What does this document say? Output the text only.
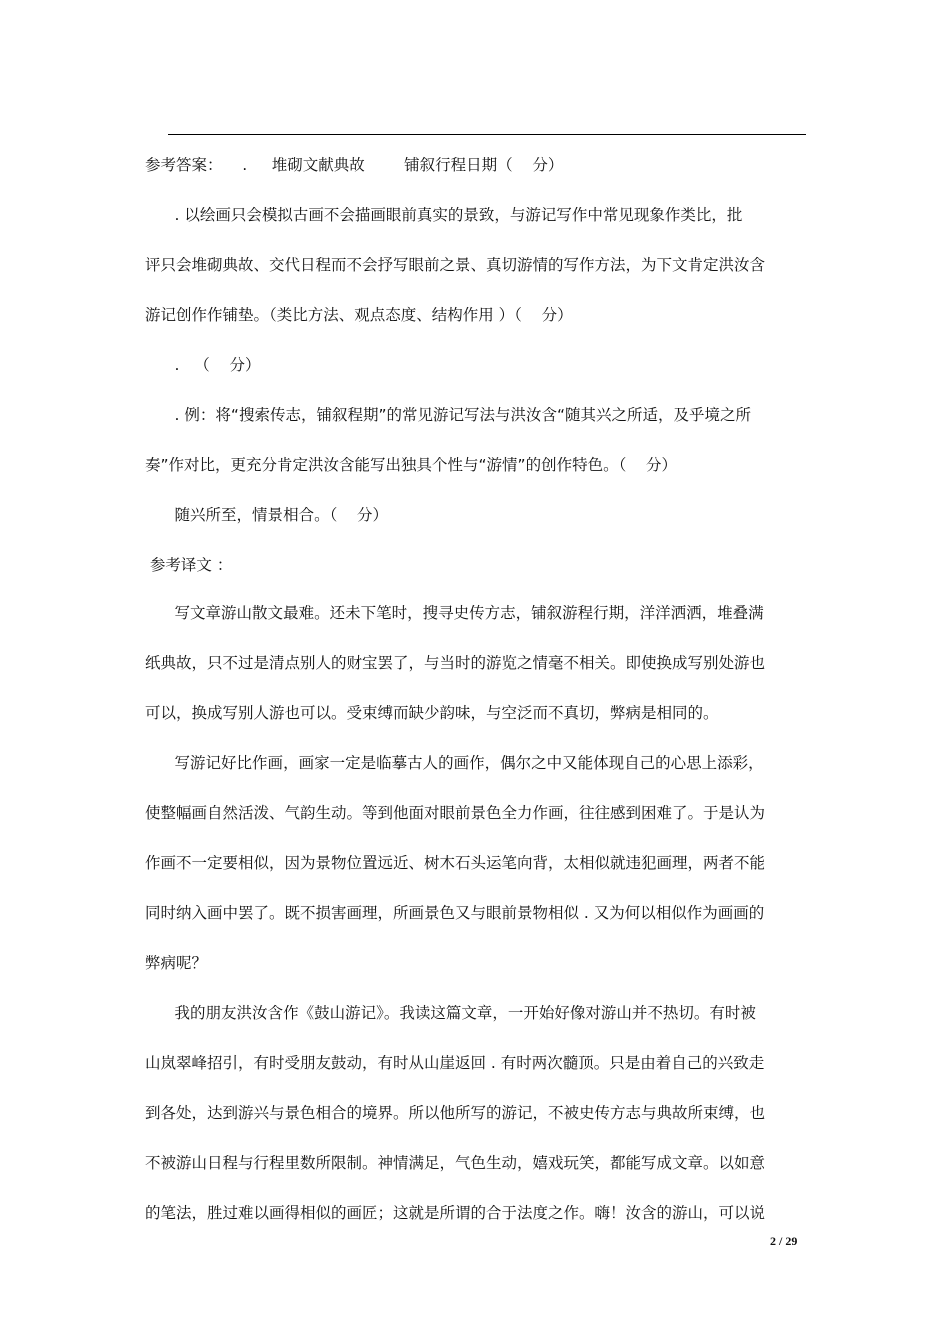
参考答案：    .     堆砌文献典故        铺叙行程日期（    分）
. 以绘画只会模拟古画不会描画眼前真实的景致，与游记写作中常见现象作类比，批
评只会堆砌典故、交代日程而不会抒写眼前之景、真切游情的写作方法，为下文肯定洪汝含
游记创作作铺垫。（类比方法、观点态度、结构作用 ）（    分）
.   （    分）
. 例：将“搜索传志，铺叙程期”的常见游记写法与洪汝含“随其兴之所适，及乎境之所
奏”作对比，更充分肯定洪汝含能写出独具个性与“游情”的创作特色。（    分）
随兴所至，情景相合。（    分）
参考译文 ：
写文章游山散文最难。还未下笔时，搜寻史传方志，铺叙游程行期，洋洋洒洒，堆叠满
纸典故，只不过是清点别人的财宝罢了，与当时的游览之情毫不相关。即使换成写别处游也
可以，换成写别人游也可以。受束缚而缺少韵味，与空泛而不真切，弊病是相同的。
写游记好比作画，画家一定是临摹古人的画作，偶尔之中又能体现自己的心思上添彩，
使整幅画自然活泼、气韵生动。等到他面对眼前景色全力作画，往往感到困难了。于是认为
作画不一定要相似，因为景物位置远近、树木石头运笔向背，太相似就违犯画理，两者不能
同时纳入画中罢了。既不损害画理，所画景色又与眼前景物相似 . 又为何以相似作为画画的
弊病呢？
我的朋友洪汝含作《鼓山游记》。我读这篇文章，一开始好像对游山并不热切。有时被
山岚翠峰招引，有时受朋友鼓动，有时从山崖返回 . 有时两次髓顶。只是由着自己的兴致走
到各处，达到游兴与景色相合的境界。所以他所写的游记，不被史传方志与典故所束缚，也
不被游山日程与行程里数所限制。神情满足，气色生动，嬉戏玩笑，都能写成文章。以如意
的笔法，胜过难以画得相似的画匠；这就是所谓的合于法度之作。嗨！汝含的游山，可以说
2 / 29
